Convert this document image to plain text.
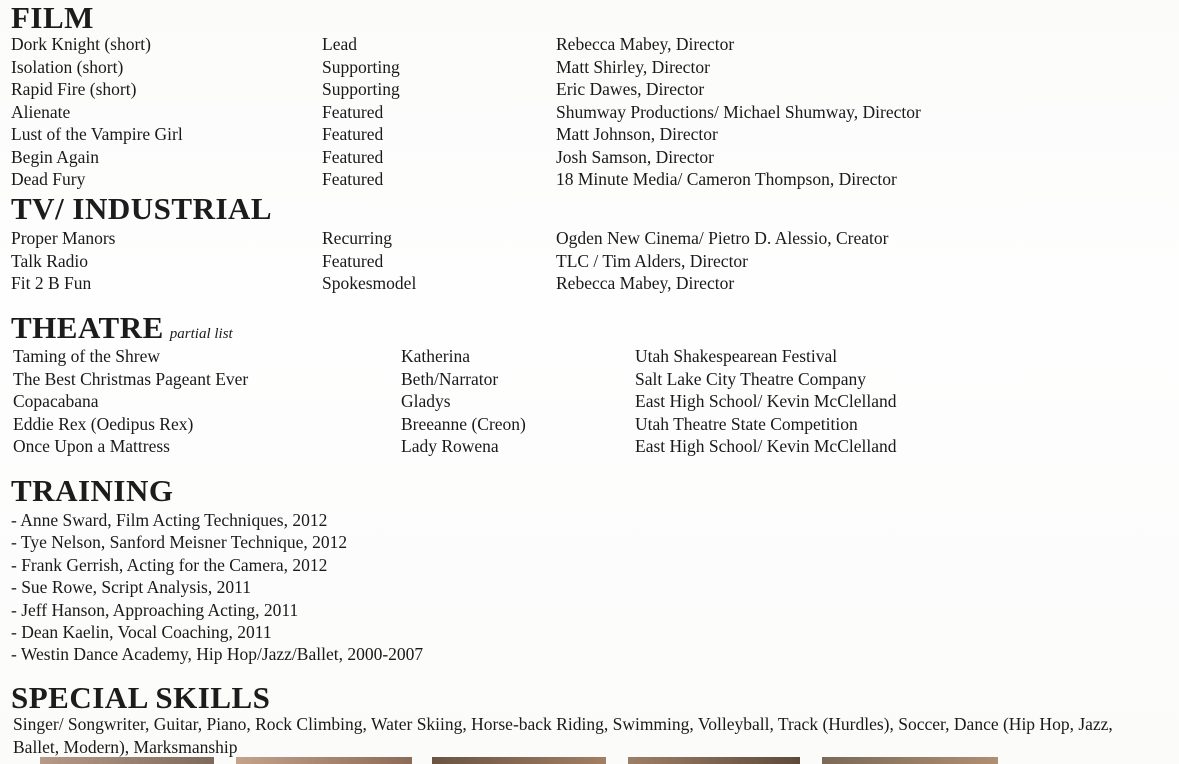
FILM
Dork Knight (short)	Lead	Rebecca Mabey, Director
Isolation (short)	Supporting	Matt Shirley, Director
Rapid Fire (short)	Supporting	Eric Dawes, Director
Alienate	Featured	Shumway Productions/ Michael Shumway, Director
Lust of the Vampire Girl	Featured	Matt Johnson, Director
Begin Again	Featured	Josh Samson, Director
Dead Fury	Featured	18 Minute Media/ Cameron Thompson, Director
TV/ INDUSTRIAL
Proper Manors	Recurring	Ogden New Cinema/ Pietro D. Alessio, Creator
Talk Radio	Featured	TLC / Tim Alders, Director
Fit 2 B Fun	Spokesmodel	Rebecca Mabey, Director
THEATRE partial list
Taming of the Shrew	Katherina	Utah Shakespearean Festival
The Best Christmas Pageant Ever	Beth/Narrator	Salt Lake City Theatre Company
Copacabana	Gladys	East High School/ Kevin McClelland
Eddie Rex (Oedipus Rex)	Breeanne (Creon)	Utah Theatre State Competition
Once Upon a Mattress	Lady Rowena	East High School/ Kevin McClelland
TRAINING
- Anne Sward, Film Acting Techniques, 2012
- Tye Nelson, Sanford Meisner Technique, 2012
- Frank Gerrish, Acting for the Camera, 2012
- Sue Rowe, Script Analysis, 2011
- Jeff Hanson, Approaching Acting, 2011
- Dean Kaelin, Vocal Coaching, 2011
- Westin Dance Academy, Hip Hop/Jazz/Ballet, 2000-2007
SPECIAL SKILLS
Singer/ Songwriter, Guitar, Piano, Rock Climbing, Water Skiing, Horse-back Riding, Swimming, Volleyball, Track (Hurdles), Soccer, Dance (Hip Hop, Jazz, Ballet, Modern), Marksmanship
